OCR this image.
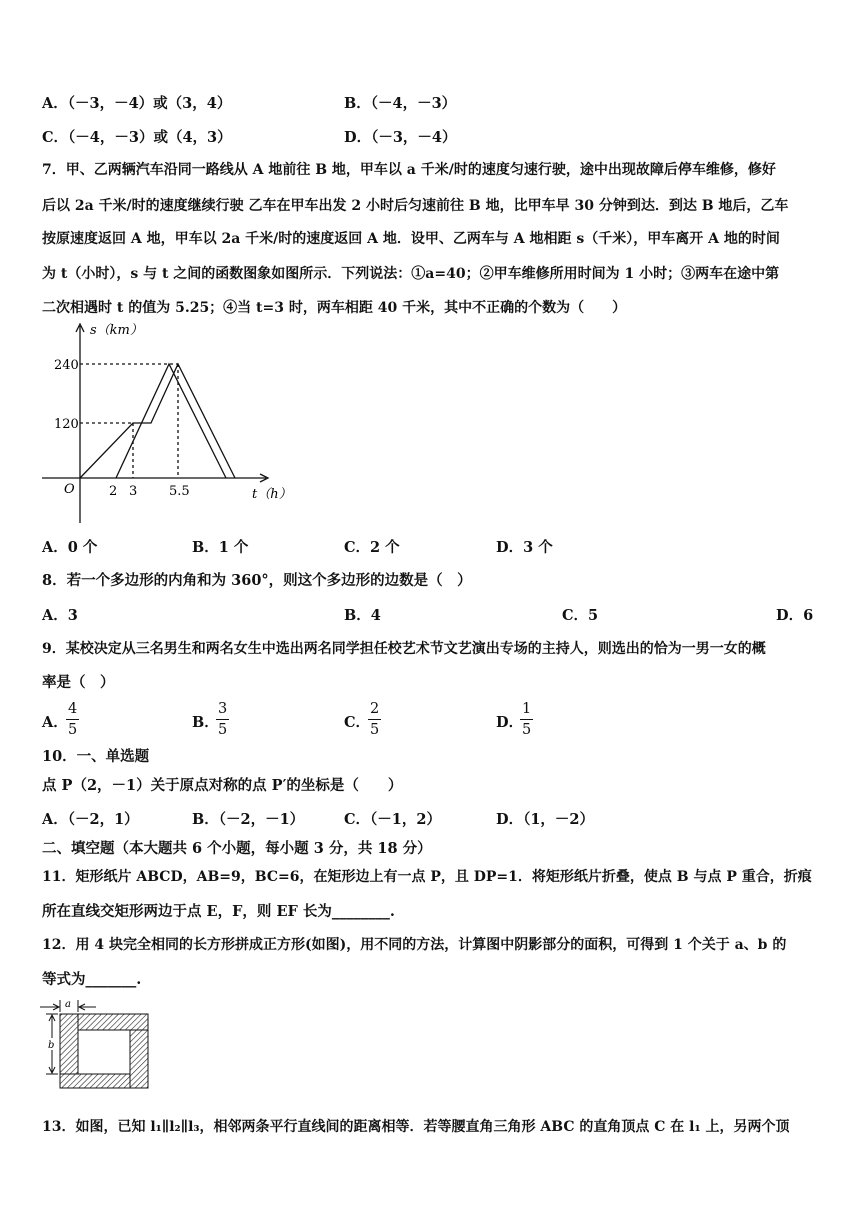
A．（－3，－4）或（3，4）	B．（－4，－3）
C．（－4，－3）或（4，3）	D．（－3，－4）
7．甲、乙两辆汽车沿同一路线从 A 地前往 B 地，甲车以 a 千米/时的速度匀速行驶，途中出现故障后停车维修，修好
后以 2a 千米/时的速度继续行驶 乙车在甲车出发 2 小时后匀速前往 B 地，比甲车早 30 分钟到达．到达 B 地后，乙车
按原速度返回 A 地，甲车以 2a 千米/时的速度返回 A 地．设甲、乙两车与 A 地相距 s（千米），甲车离开 A 地的时间
为 t（小时），s 与 t 之间的函数图象如图所示．下列说法：①a=40；②甲车维修所用时间为 1 小时；③两车在途中第
二次相遇时 t 的值为 5.25；④当 t=3 时，两车相距 40 千米，其中不正确的个数为（　　）
s（km）
240
120
O	2 3 5.5	t（h）
A．0 个	B．1 个	C．2 个	D．3 个
8．若一个多边形的内角和为 360°，则这个多边形的边数是（　）
A．3	B．4	C．5	D．6
9．某校决定从三名男生和两名女生中选出两名同学担任校艺术节文艺演出专场的主持人，则选出的恰为一男一女的概
率是（　）
A．
$\frac{4}{5}$	B．
$\frac{3}{5}$	C．
$\frac{2}{5}$	D．
$\frac{1}{5}$
10．一、单选题
点 P（2，－1）关于原点对称的点 P′的坐标是（　　）
A．（－2，1）	B．（－2，－1）	C．（－1，2）	D．（1，－2）
二、填空题（本大题共 6 个小题，每小题 3 分，共 18 分）
11．矩形纸片 ABCD，AB=9，BC=6，在矩形边上有一点 P，且 DP=1．将矩形纸片折叠，使点 B 与点 P 重合，折痕
所在直线交矩形两边于点 E，F，则 EF 长为________.
12．用 4 块完全相同的长方形拼成正方形(如图)，用不同的方法，计算图中阴影部分的面积，可得到 1 个关于 a、b 的
等式为_______.
a
b
13．如图，已知 l₁∥l₂∥l₃，相邻两条平行直线间的距离相等．若等腰直角三角形 ABC 的直角顶点 C 在 l₁ 上，另两个顶
